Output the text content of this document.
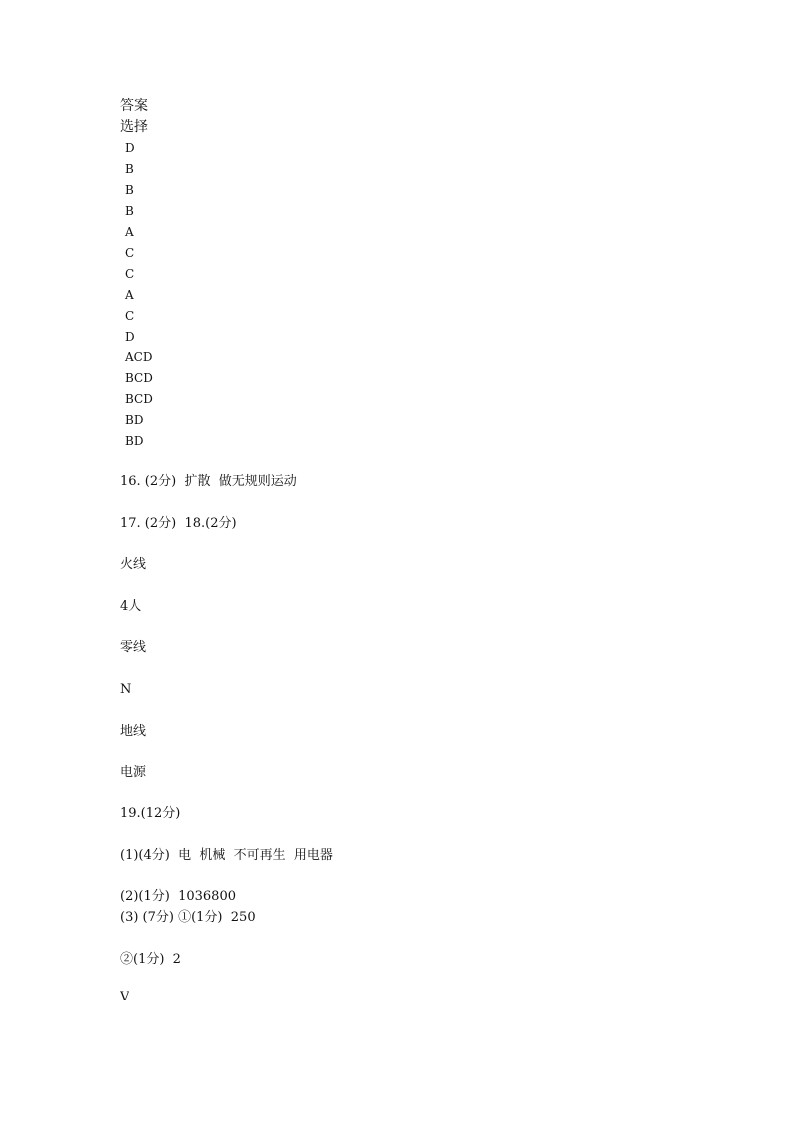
答案
选择
D
B
B
B
A
C
C
A
C
D
ACD
BCD
BCD
BD
BD
16. (2分)  扩散  做无规则运动
17. (2分)  18.(2分)
火线
4人
零线
N
地线
电源
19.(12分)
(1)(4分)  电  机械  不可再生  用电器
(2)(1分)  1036800
(3) (7分) ①(1分)  250
②(1分)  2
V
